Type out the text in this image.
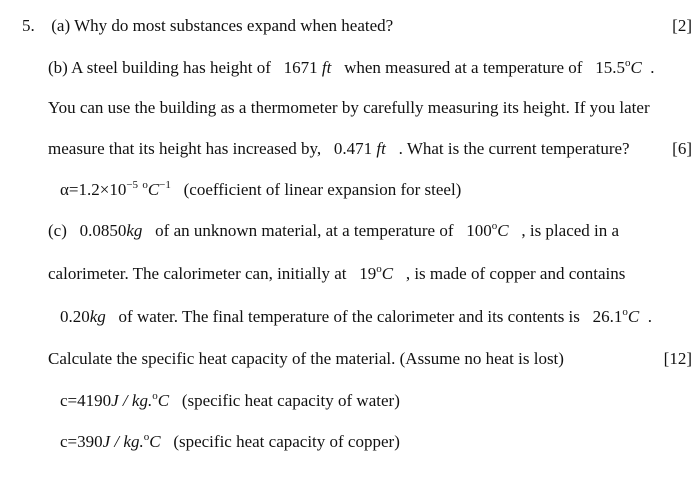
5. (a) Why do most substances expand when heated?	[2]
(b) A steel building has height of 1671 ft when measured at a temperature of 15.5$^o$C  .
You can use the building as a thermometer by carefully measuring its height. If you later
measure that its height has increased by, 0.471 ft . What is the current temperature?	[6]
$\alpha=1.2\times 10^{-5}$ $^oC^{-1}$ (coefficient of linear expansion for steel)
(c) 0.0850kg of an unknown material, at a temperature of 100$^o$C , is placed in a
calorimeter. The calorimeter can, initially at 19$^o$C , is made of copper and contains
0.20kg of water. The final temperature of the calorimeter and its contents is 26.1$^o$C  .
Calculate the specific heat capacity of the material. (Assume no heat is lost)	[12]
c=4190J / kg.$^o$C (specific heat capacity of water)
c=390J / kg.$^o$C (specific heat capacity of copper)
